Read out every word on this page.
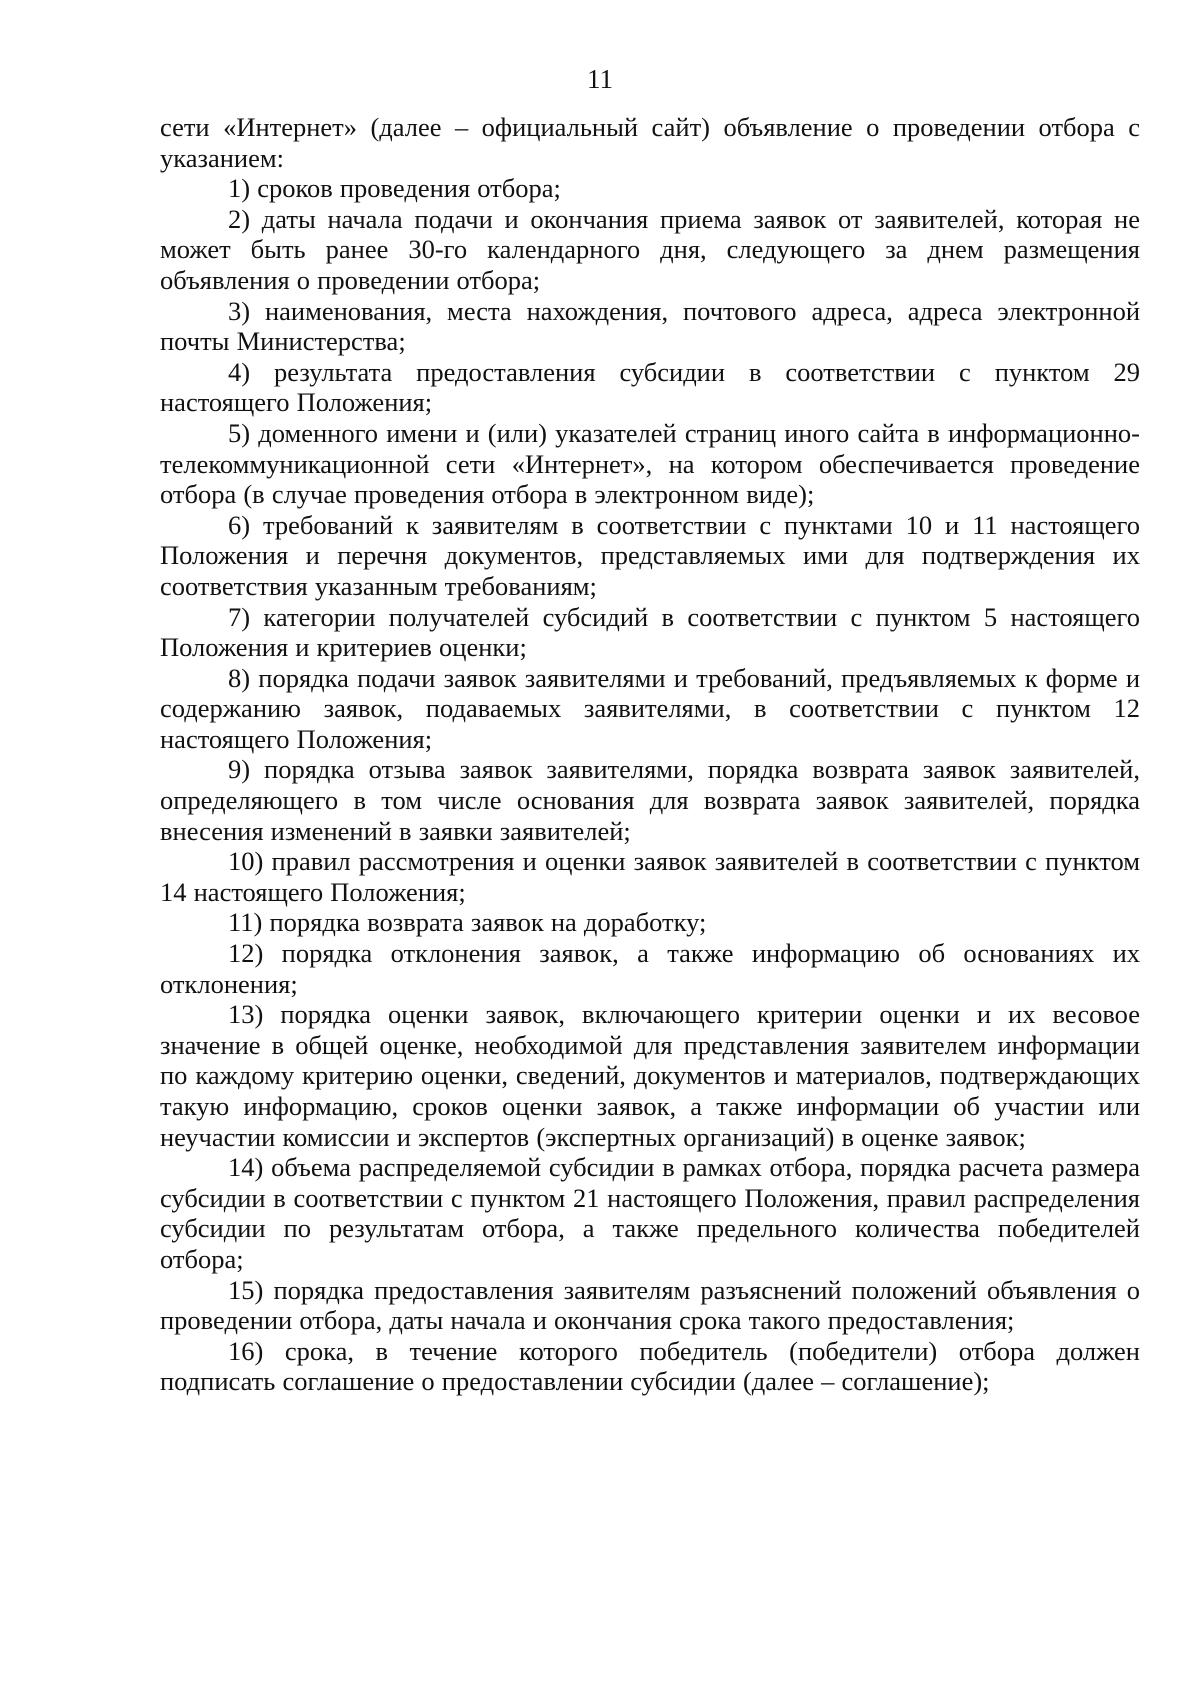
11

сети «Интернет» (далее – официальный сайт) объявление о проведении отбора с указанием:

1) сроков проведения отбора;

2) даты начала подачи и окончания приема заявок от заявителей, которая не может быть ранее 30-го календарного дня, следующего за днем размещения объявления о проведении отбора;

3) наименования, места нахождения, почтового адреса, адреса электронной почты Министерства;

4) результата предоставления субсидии в соответствии с пунктом 29 настоящего Положения;

5) доменного имени и (или) указателей страниц иного сайта в информационно-телекоммуникационной сети «Интернет», на котором обеспечивается проведение отбора (в случае проведения отбора в электронном виде);

6) требований к заявителям в соответствии с пунктами 10 и 11 настоящего Положения и перечня документов, представляемых ими для подтверждения их соответствия указанным требованиям;

7) категории получателей субсидий в соответствии с пунктом 5 настоящего Положения и критериев оценки;

8) порядка подачи заявок заявителями и требований, предъявляемых к форме и содержанию заявок, подаваемых заявителями, в соответствии с пунктом 12 настоящего Положения;

9) порядка отзыва заявок заявителями, порядка возврата заявок заявителей, определяющего в том числе основания для возврата заявок заявителей, порядка внесения изменений в заявки заявителей;

10) правил рассмотрения и оценки заявок заявителей в соответствии с пунктом 14 настоящего Положения;

11) порядка возврата заявок на доработку;

12) порядка отклонения заявок, а также информацию об основаниях их отклонения;

13) порядка оценки заявок, включающего критерии оценки и их весовое значение в общей оценке, необходимой для представления заявителем информации по каждому критерию оценки, сведений, документов и материалов, подтверждающих такую информацию, сроков оценки заявок, а также информации об участии или неучастии комиссии и экспертов (экспертных организаций) в оценке заявок;

14) объема распределяемой субсидии в рамках отбора, порядка расчета размера субсидии в соответствии с пунктом 21 настоящего Положения, правил распределения субсидии по результатам отбора, а также предельного количества победителей отбора;

15) порядка предоставления заявителям разъяснений положений объявления о проведении отбора, даты начала и окончания срока такого предоставления;

16) срока, в течение которого победитель (победители) отбора должен подписать соглашение о предоставлении субсидии (далее – соглашение);
